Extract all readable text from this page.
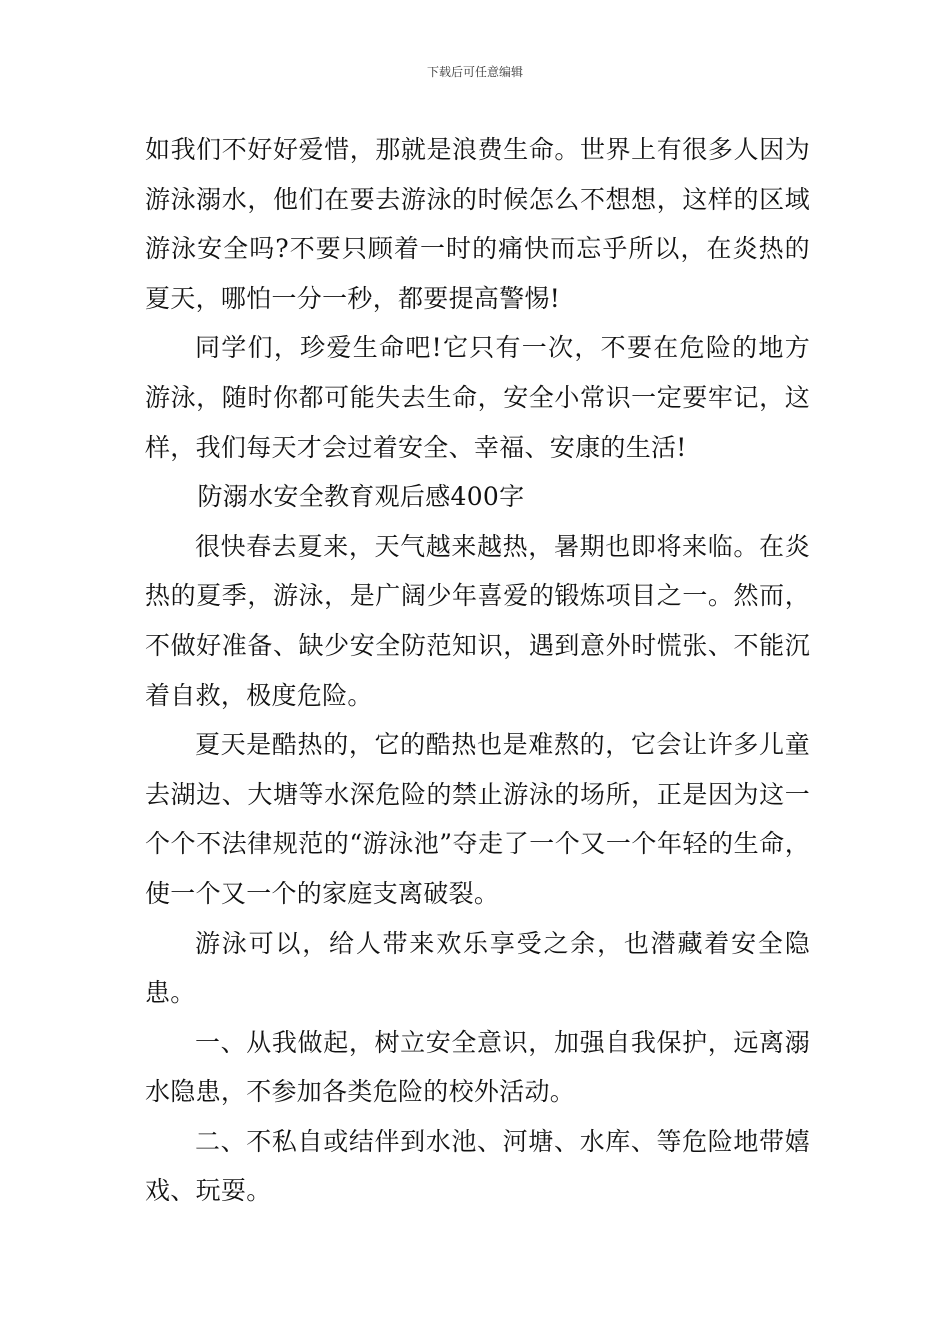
下载后可任意编辑

如我们不好好爱惜，那就是浪费生命。世界上有很多人因为游泳溺水，他们在要去游泳的时候怎么不想想，这样的区域游泳安全吗?不要只顾着一时的痛快而忘乎所以，在炎热的夏天，哪怕一分一秒，都要提高警惕!

同学们，珍爱生命吧!它只有一次，不要在危险的地方游泳，随时你都可能失去生命，安全小常识一定要牢记，这样，我们每天才会过着安全、幸福、安康的生活!

防溺水安全教育观后感400字

很快春去夏来，天气越来越热，暑期也即将来临。在炎热的夏季，游泳，是广阔少年喜爱的锻炼项目之一。然而，不做好准备、缺少安全防范知识，遇到意外时慌张、不能沉着自救，极度危险。

夏天是酷热的，它的酷热也是难熬的，它会让许多儿童去湖边、大塘等水深危险的禁止游泳的场所，正是因为这一个个不法律规范的“游泳池”夺走了一个又一个年轻的生命，使一个又一个的家庭支离破裂。

游泳可以，给人带来欢乐享受之余，也潜藏着安全隐患。

一、从我做起，树立安全意识，加强自我保护，远离溺水隐患，不参加各类危险的校外活动。

二、不私自或结伴到水池、河塘、水库、等危险地带嬉戏、玩耍。
